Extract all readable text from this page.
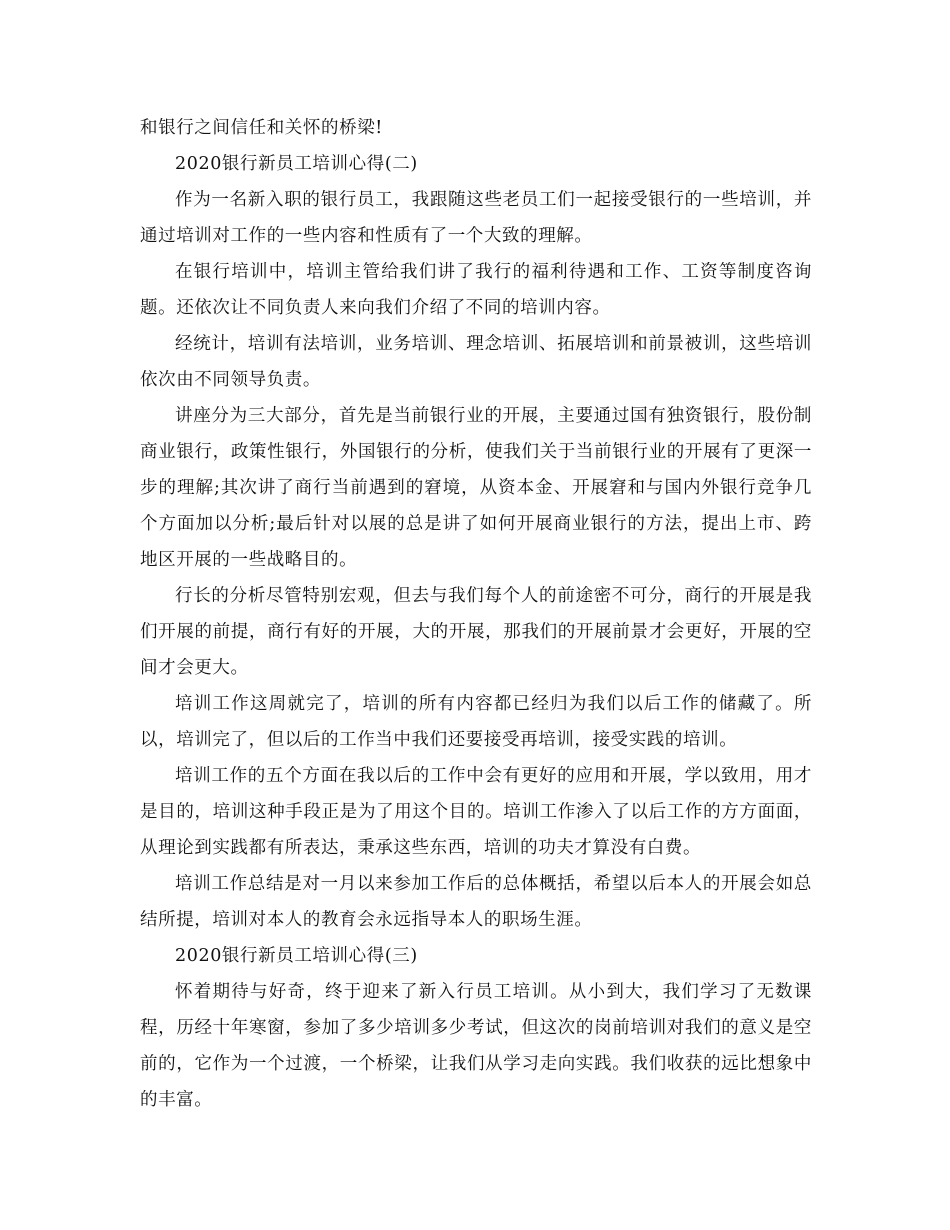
和银行之间信任和关怀的桥梁!

2020银行新员工培训心得(二)

作为一名新入职的银行员工，我跟随这些老员工们一起接受银行的一些培训，并通过培训对工作的一些内容和性质有了一个大致的理解。

在银行培训中，培训主管给我们讲了我行的福利待遇和工作、工资等制度咨询题。还依次让不同负责人来向我们介绍了不同的培训内容。

经统计，培训有法培训，业务培训、理念培训、拓展培训和前景被训，这些培训依次由不同领导负责。

讲座分为三大部分，首先是当前银行业的开展，主要通过国有独资银行，股份制商业银行，政策性银行，外国银行的分析，使我们关于当前银行业的开展有了更深一步的理解;其次讲了商行当前遇到的窘境，从资本金、开展窘和与国内外银行竞争几个方面加以分析;最后针对以展的总是讲了如何开展商业银行的方法，提出上市、跨地区开展的一些战略目的。

行长的分析尽管特别宏观，但去与我们每个人的前途密不可分，商行的开展是我们开展的前提，商行有好的开展，大的开展，那我们的开展前景才会更好，开展的空间才会更大。

培训工作这周就完了，培训的所有内容都已经归为我们以后工作的储藏了。所以，培训完了，但以后的工作当中我们还要接受再培训，接受实践的培训。

培训工作的五个方面在我以后的工作中会有更好的应用和开展，学以致用，用才是目的，培训这种手段正是为了用这个目的。培训工作渗入了以后工作的方方面面，从理论到实践都有所表达，秉承这些东西，培训的功夫才算没有白费。

培训工作总结是对一月以来参加工作后的总体概括，希望以后本人的开展会如总结所提，培训对本人的教育会永远指导本人的职场生涯。

2020银行新员工培训心得(三)

怀着期待与好奇，终于迎来了新入行员工培训。从小到大，我们学习了无数课程，历经十年寒窗，参加了多少培训多少考试，但这次的岗前培训对我们的意义是空前的，它作为一个过渡，一个桥梁，让我们从学习走向实践。我们收获的远比想象中的丰富。
